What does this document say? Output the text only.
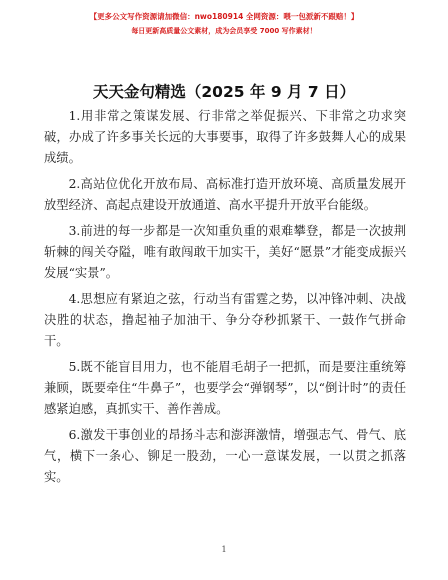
【更多公文写作资源请加微信：nwo180914 全网资源：喂一包派新不跟赔！】
每日更新高质量公文素材，成为会员享受 7000 写作素材！
天天金句精选（2025 年 9 月 7 日）

1.用非常之策谋发展、行非常之举促振兴、下非常之功求突破，办成了许多事关长远的大事要事，取得了许多鼓舞人心的成果成绩。

2.高站位优化开放布局、高标准打造开放环境、高质量发展开放型经济、高起点建设开放通道、高水平提升开放平台能级。

3.前进的每一步都是一次知重负重的艰难攀登，都是一次披荆斩棘的闯关夺隘，唯有敢闯敢干加实干，美好“愿景”才能变成振兴发展“实景”。

4.思想应有紧迫之弦，行动当有雷霆之势，以冲锋冲刺、决战决胜的状态，撸起袖子加油干、争分夺秒抓紧干、一鼓作气拼命干。

5.既不能盲目用力，也不能眉毛胡子一把抓，而是要注重统筹兼顾，既要牵住“牛鼻子”，也要学会“弹钢琴”，以“倒计时”的责任感紧迫感，真抓实干、善作善成。

6.激发干事创业的昂扬斗志和澎湃激情，增强志气、骨气、底气，横下一条心、铆足一股劲，一心一意谋发展，一以贯之抓落实。

1
